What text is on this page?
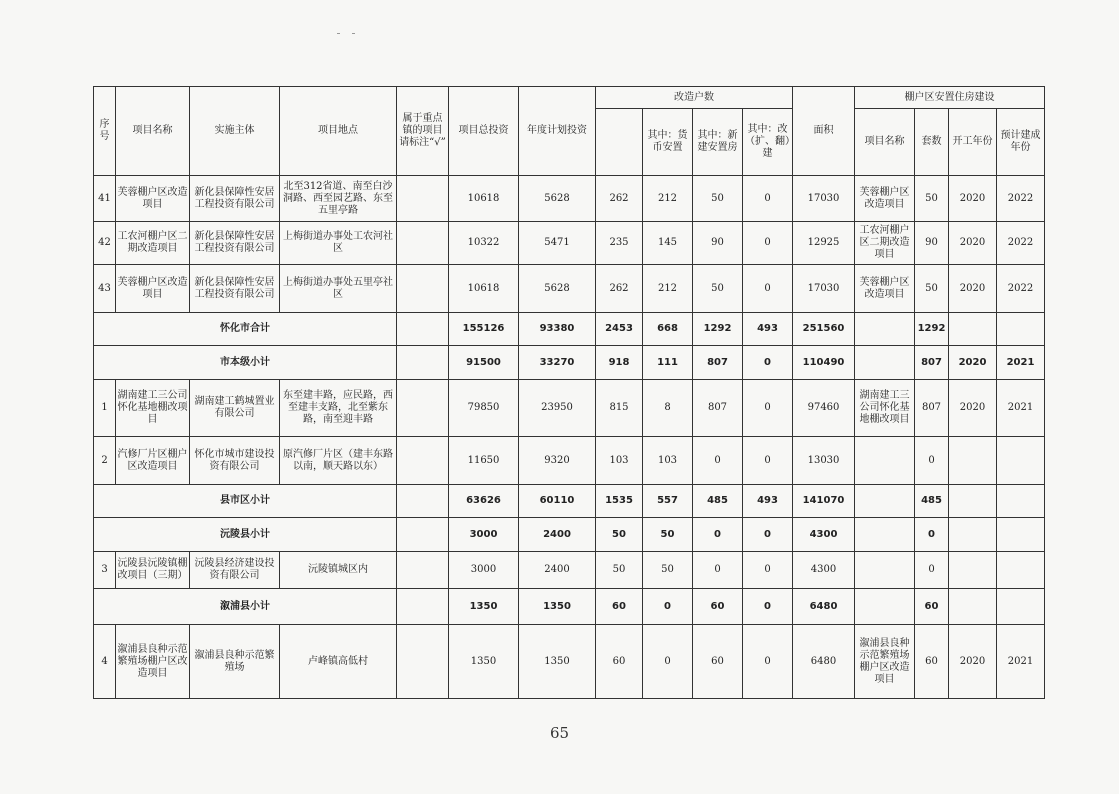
序号	项目名称	实施主体	项目地点	属于重点镇的项目请标注“√”	项目总投资	年度计划投资	改造户数				面积	棚户区安置住房建设			
								其中：货币安置	其中：新建安置房	其中：改（扩、翻）建		项目名称	套数	开工年份	预计建成年份
41	芙蓉棚户区改造项目	新化县保障性安居工程投资有限公司	北至312省道、南至白沙洞路、西至园艺路、东至五里亭路		10618	5628	262	212	50	0	17030	芙蓉棚户区改造项目	50	2020	2022
42	工农河棚户区二期改造项目	新化县保障性安居工程投资有限公司	上梅街道办事处工农河社区		10322	5471	235	145	90	0	12925	工农河棚户区二期改造项目	90	2020	2022
43	芙蓉棚户区改造项目	新化县保障性安居工程投资有限公司	上梅街道办事处五里亭社区		10618	5628	262	212	50	0	17030	芙蓉棚户区改造项目	50	2020	2022
怀化市合计					155126	93380	2453	668	1292	493	251560		1292		
市本级小计					91500	33270	918	111	807	0	110490		807	2020	2021
1	湖南建工三公司怀化基地棚改项目	湖南建工鹤城置业有限公司	东至建丰路，应民路，西至建丰支路，北至紫东路，南至迎丰路		79850	23950	815	8	807	0	97460	湖南建工三公司怀化基地棚改项目	807	2020	2021
2	汽修厂片区棚户区改造项目	怀化市城市建设投资有限公司	原汽修厂片区（建丰东路以南，顺天路以东）		11650	9320	103	103	0	0	13030		0		
县市区小计					63626	60110	1535	557	485	493	141070		485		
沅陵县小计					3000	2400	50	50	0	0	4300		0		
3	沅陵县沅陵镇棚改项目（三期）	沅陵县经济建设投资有限公司	沅陵镇城区内		3000	2400	50	50	0	0	4300		0		
溆浦县小计					1350	1350	60	0	60	0	6480		60		
4	溆浦县良种示范繁殖场棚户区改造项目	溆浦县良种示范繁殖场	卢峰镇高低村		1350	1350	60	0	60	0	6480	溆浦县良种示范繁殖场棚户区改造项目	60	2020	2021
65
